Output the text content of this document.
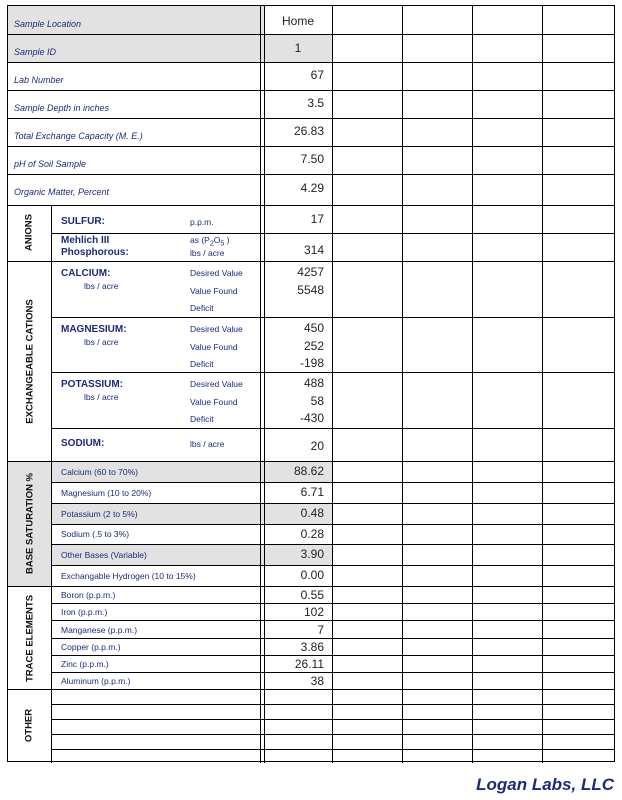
Sample Location
Sample ID
Lab Number
Sample Depth in inches
Total Exchange Capacity (M. E.)
pH of Soil Sample
Organic Matter, Percent
Home
1
67
3.5
26.83
7.50
4.29
17
314
4257
5548
450
252
-198
488
58
-430
20
88.62
6.71
0.48
0.28
3.90
0.00
0.55
102
7
3.86
26.11
38
ANIONS
EXCHANGEABLE CATIONS
BASE SATURATION %
TRACE ELEMENTS
OTHER
SULFUR:	p.p.m.
Mehlich III
Phosphorous:
as ($P_2O_5$ )
lbs / acre
CALCIUM:
lbs / acre
Desired Value
Value Found
Deficit
MAGNESIUM:
lbs / acre
Desired Value
Value Found
Deficit
POTASSIUM:
lbs / acre
Desired Value
Value Found
Deficit
SODIUM:	lbs / acre
Calcium (60 to 70%)
Magnesium (10 to 20%)
Potassium (2 to 5%)
Sodium (.5 to 3%)
Other Bases (Variable)
Exchangable Hydrogen (10 to 15%)
Boron (p.p.m.)
Iron (p.p.m.)
Manganese (p.p.m.)
Copper (p.p.m.)
Zinc (p.p.m.)
Aluminum (p.p.m.)
Logan Labs, LLC
